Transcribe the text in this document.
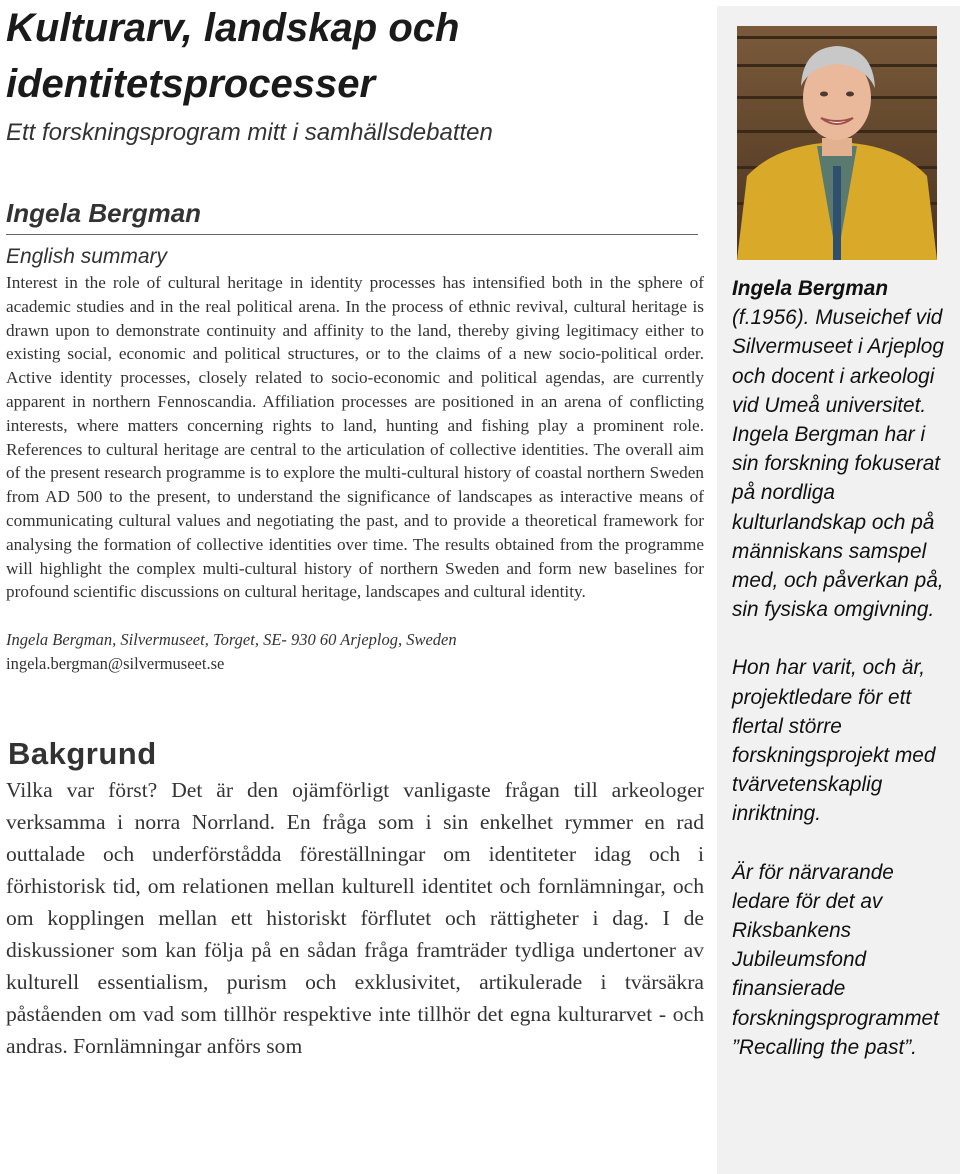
Kulturarv, landskap och
identitetsprocesser

Ett forskningsprogram mitt i samhällsdebatten

Ingela Bergman

English summary

Interest in the role of cultural heritage in identity processes has intensified both in the sphere of academic studies and in the real political arena. In the process of ethnic revival, cultural heritage is drawn upon to demonstrate continuity and affinity to the land, thereby giving legitimacy either to existing social, economic and political structures, or to the claims of a new socio-political order. Active identity processes, closely related to socio-economic and political agendas, are currently apparent in northern Fennoscandia. Affiliation processes are positioned in an arena of conflicting interests, where matters concerning rights to land, hunting and fishing play a prominent role. References to cultural heritage are central to the articulation of collective identities. The overall aim of the present research programme is to explore the multi-cultural history of coastal northern Sweden from AD 500 to the present, to understand the significance of landscapes as interactive means of communicating cultural values and negotiating the past, and to provide a theoretical framework for analysing the formation of collective identities over time. The results obtained from the programme will highlight the complex multi-cultural history of northern Sweden and form new baselines for profound scientific discussions on cultural heritage, landscapes and cultural identity.

Ingela Bergman, Silvermuseet, Torget, SE- 930 60 Arjeplog, Sweden
ingela.bergman@silvermuseet.se

Bakgrund

Vilka var först? Det är den ojämförligt vanligaste frågan till arkeologer verksamma i norra Norrland. En fråga som i sin enkelhet rymmer en rad outtalade och underförstådda föreställningar om identiteter idag och i förhistorisk tid, om relationen mellan kulturell identitet och fornlämningar, och om kopplingen mellan ett historiskt förflutet och rättigheter i dag. I de diskussioner som kan följa på en sådan fråga framträder tydliga undertoner av kulturell essentialism, purism och exklusivitet, artikulerade i tvärsäkra påståenden om vad som tillhör respektive inte tillhör det egna kulturarvet - och andras. Fornlämningar anförs som

Ingela Bergman
(f.1956). Museichef vid Silvermuseet i Arjeplog och docent i arkeologi vid Umeå universitet. Ingela Bergman har i sin forskning fokuserat på nordliga kulturlandskap och på människans samspel med, och påverkan på, sin fysiska omgivning.

Hon har varit, och är, projektledare för ett flertal större forskningsprojekt med tvärvetenskaplig inriktning.

Är för närvarande ledare för det av Riksbankens Jubileumsfond finansierade forskningsprogrammet ”Recalling the past”.
